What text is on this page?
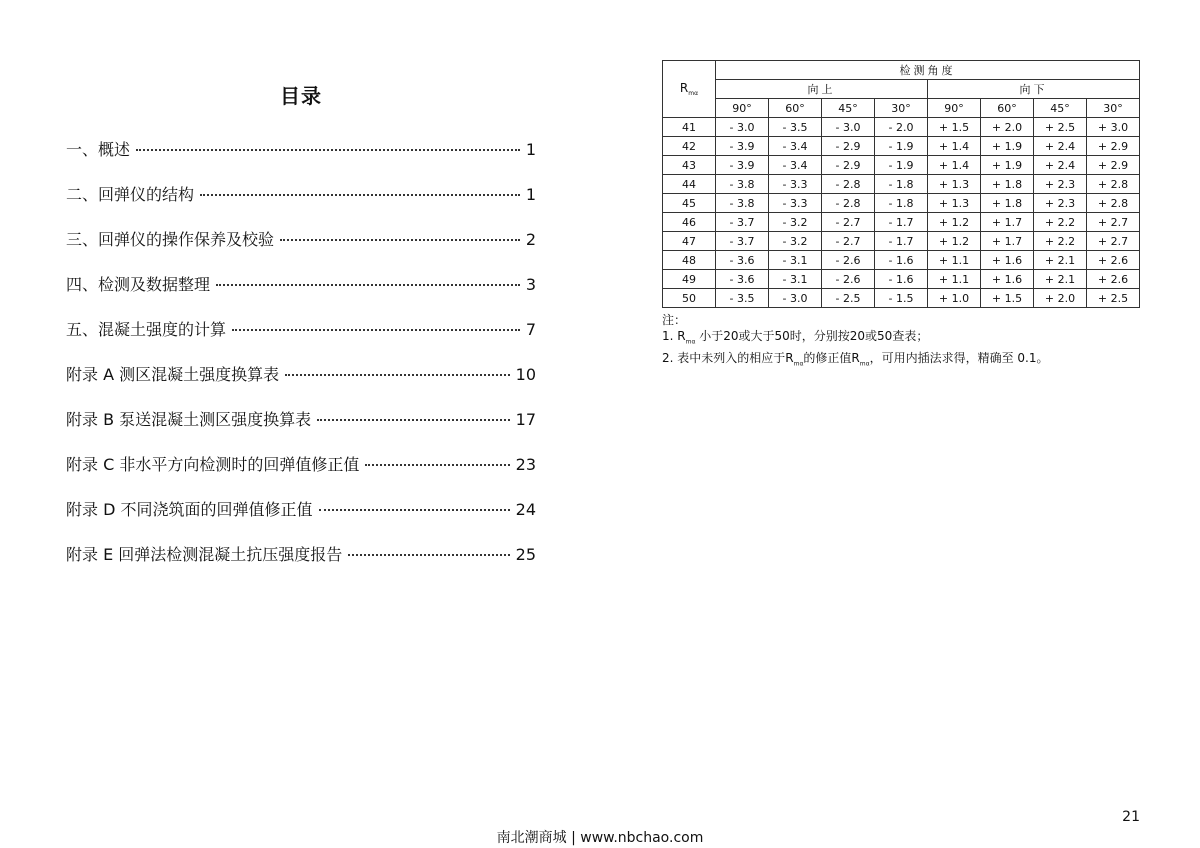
目录
一、概述	1
二、回弹仪的结构	1
三、回弹仪的操作保养及校验	2
四、检测及数据整理	3
五、混凝土强度的计算	7
附录 A 测区混凝土强度换算表	10
附录 B 泵送混凝土测区强度换算表	17
附录 C 非水平方向检测时的回弹值修正值	23
附录 D 不同浇筑面的回弹值修正值	24
附录 E 回弹法检测混凝土抗压强度报告	25
$R_{m\alpha}$	检测角度							
	向上				向下			
	90°	60°	45°	30°	90°	60°	45°	30°
41	- 3.0	- 3.5	- 3.0	- 2.0	+ 1.5	+ 2.0	+ 2.5	+ 3.0
42	- 3.9	- 3.4	- 2.9	- 1.9	+ 1.4	+ 1.9	+ 2.4	+ 2.9
43	- 3.9	- 3.4	- 2.9	- 1.9	+ 1.4	+ 1.9	+ 2.4	+ 2.9
44	- 3.8	- 3.3	- 2.8	- 1.8	+ 1.3	+ 1.8	+ 2.3	+ 2.8
45	- 3.8	- 3.3	- 2.8	- 1.8	+ 1.3	+ 1.8	+ 2.3	+ 2.8
46	- 3.7	- 3.2	- 2.7	- 1.7	+ 1.2	+ 1.7	+ 2.2	+ 2.7
47	- 3.7	- 3.2	- 2.7	- 1.7	+ 1.2	+ 1.7	+ 2.2	+ 2.7
48	- 3.6	- 3.1	- 2.6	- 1.6	+ 1.1	+ 1.6	+ 2.1	+ 2.6
49	- 3.6	- 3.1	- 2.6	- 1.6	+ 1.1	+ 1.6	+ 2.1	+ 2.6
50	- 3.5	- 3.0	- 2.5	- 1.5	+ 1.0	+ 1.5	+ 2.0	+ 2.5
注：
1. $R_{m\alpha}$ 小于20或大于50时，分别按20或50查表；
2. 表中未列入的相应于$R_{m\alpha}$的修正值$R_{m\alpha}$，可用内插法求得，精确至 0.1。
21
南北潮商城 | www.nbchao.com
